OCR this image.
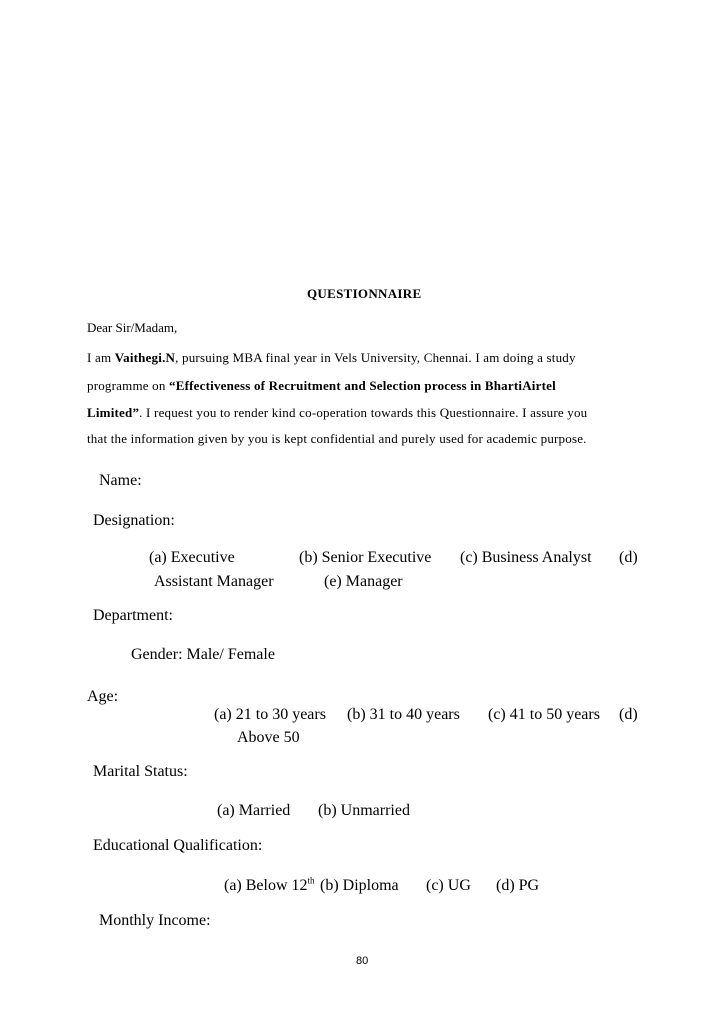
QUESTIONNAIRE
Dear Sir/Madam,
I am Vaithegi.N, pursuing MBA final year in Vels University, Chennai. I am doing a study
programme on “Effectiveness of Recruitment and Selection process in BhartiAirtel
Limited”. I request you to render kind co-operation towards this Questionnaire. I assure you
that the information given by you is kept confidential and purely used for academic purpose.
Name:
Designation:
(a) Executive	(b) Senior Executive (c) Business Analyst (d)
Assistant Manager	(e) Manager
Department:
Gender: Male/ Female
Age:
(a) 21 to 30 years (b) 31 to 40 years (c) 41 to 50 years (d)
Above 50
Marital Status:
(a) Married (b) Unmarried
Educational Qualification:
(a) Below 12th (b) Diploma (c) UG (d) PG
Monthly Income:
80
